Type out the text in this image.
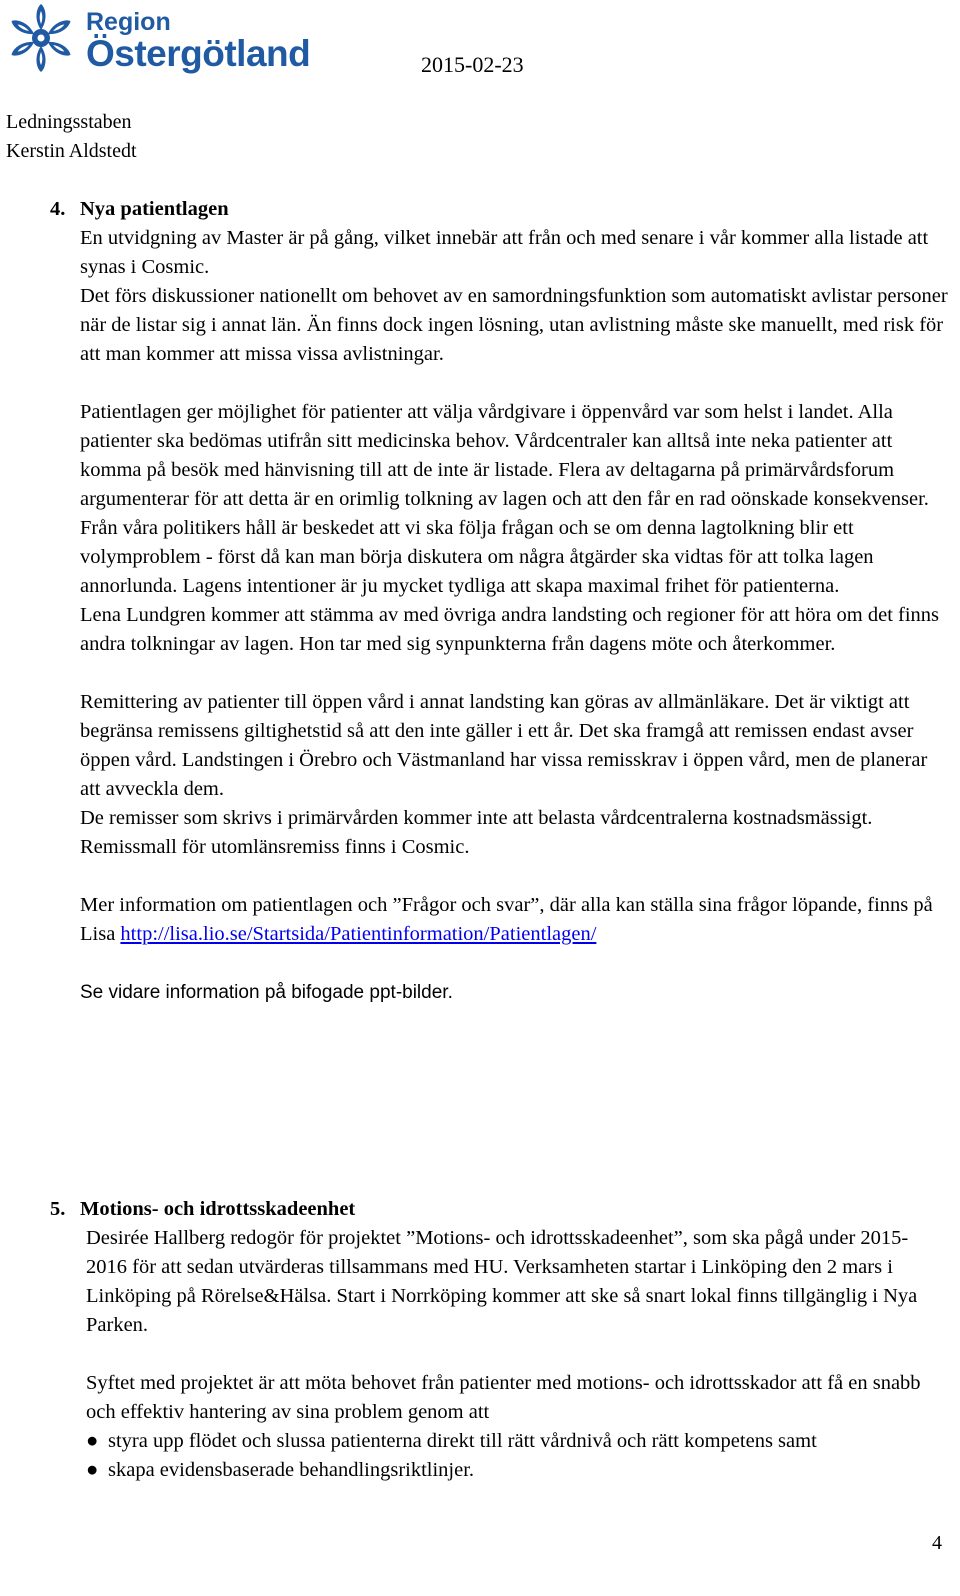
Region
Östergötland	2015-02-23
Ledningsstaben
Kerstin Aldstedt
4. Nya patientlagen

En utvidgning av Master är på gång, vilket innebär att från och med senare i vår kommer alla listade att synas i Cosmic.

Det förs diskussioner nationellt om behovet av en samordningsfunktion som automatiskt avlistar personer när de listar sig i annat län. Än finns dock ingen lösning, utan avlistning måste ske manuellt, med risk för att man kommer att missa vissa avlistningar.

Patientlagen ger möjlighet för patienter att välja vårdgivare i öppenvård var som helst i landet. Alla patienter ska bedömas utifrån sitt medicinska behov. Vårdcentraler kan alltså inte neka patienter att komma på besök med hänvisning till att de inte är listade. Flera av deltagarna på primärvårdsforum argumenterar för att detta är en orimlig tolkning av lagen och att den får en rad oönskade konsekvenser. Från våra politikers håll är beskedet att vi ska följa frågan och se om denna lagtolkning blir ett volymproblem - först då kan man börja diskutera om några åtgärder ska vidtas för att tolka lagen annorlunda. Lagens intentioner är ju mycket tydliga att skapa maximal frihet för patienterna.

Lena Lundgren kommer att stämma av med övriga andra landsting och regioner för att höra om det finns andra tolkningar av lagen. Hon tar med sig synpunkterna från dagens möte och återkommer.

Remittering av patienter till öppen vård i annat landsting kan göras av allmänläkare. Det är viktigt att begränsa remissens giltighetstid så att den inte gäller i ett år. Det ska framgå att remissen endast avser öppen vård. Landstingen i Örebro och Västmanland har vissa remisskrav i öppen vård, men de planerar att avveckla dem.

De remisser som skrivs i primärvården kommer inte att belasta vårdcentralerna kostnadsmässigt.

Remissmall för utomlänsremiss finns i Cosmic.

Mer information om patientlagen och ”Frågor och svar”, där alla kan ställa sina frågor löpande, finns på Lisa http://lisa.lio.se/Startsida/Patientinformation/Patientlagen/

Se vidare information på bifogade ppt-bilder.

5. Motions- och idrottsskadeenhet

Desirée Hallberg redogör för projektet ”Motions- och idrottsskadeenhet”, som ska pågå under 2015-2016 för att sedan utvärderas tillsammans med HU. Verksamheten startar i Linköping den 2 mars i Linköping på Rörelse&Hälsa. Start i Norrköping kommer att ske så snart lokal finns tillgänglig i Nya Parken.

Syftet med projektet är att möta behovet från patienter med motions- och idrottsskador att få en snabb och effektiv hantering av sina problem genom att

● styra upp flödet och slussa patienterna direkt till rätt vårdnivå och rätt kompetens samt
● skapa evidensbaserade behandlingsriktlinjer.
4
